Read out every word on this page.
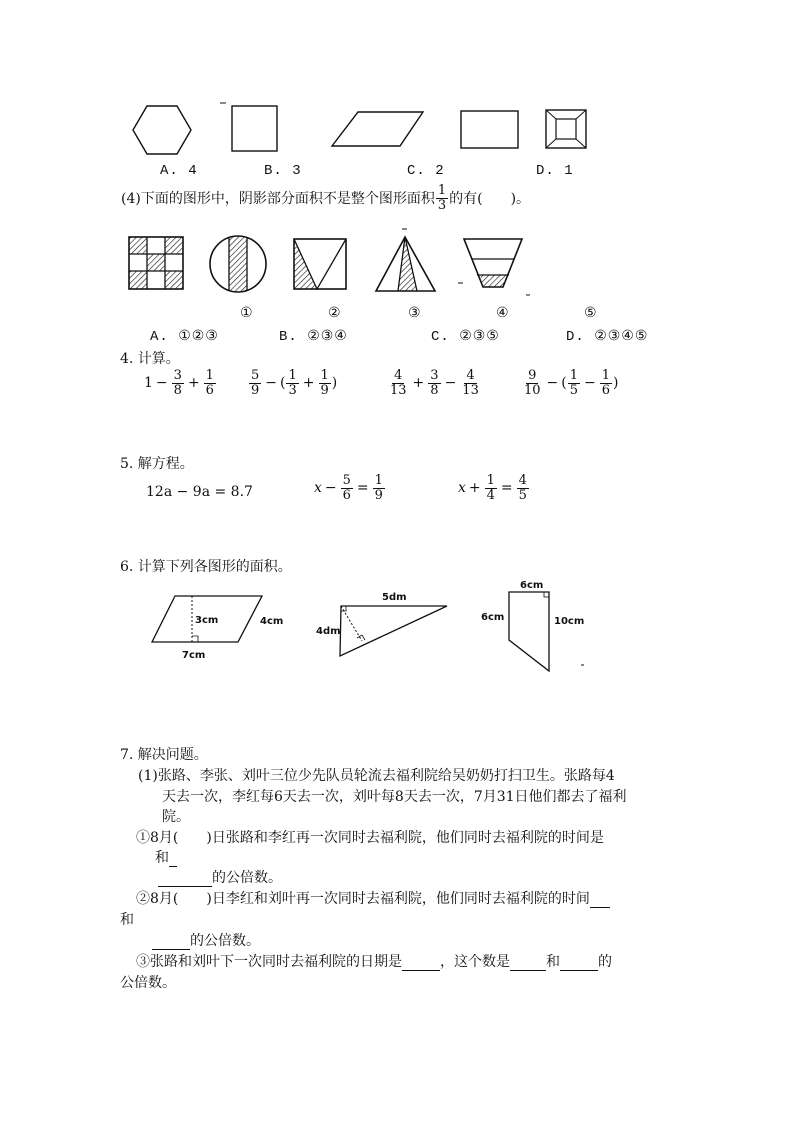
A. 4	B. 3	C. 2	D. 1
(4)下面的图形中，阴影部分面积不是整个图形面积 $\frac{1}{3}$ 的有(　　)。
①	②	③	④	⑤
A. ①②③	B. ②③④	C. ②③⑤	D. ②③④⑤
4. 计算。
$1 - \frac{3}{8} + \frac{1}{6}$	$\frac{5}{9}$ − ( $\frac{1}{3} + \frac{1}{9}$ )	$\frac{4}{13} + \frac{3}{8} - \frac{4}{13}$	$\frac{9}{10}$ − ( $\frac{1}{5} - \frac{1}{6}$ )
5. 解方程。
12a − 9a = 8.7	$x - \frac{5}{6} = \frac{1}{9}$	$x + \frac{1}{4} = \frac{4}{5}$
6. 计算下列各图形的面积。
3cm	4cm
7cm
5dm
4dm
6cm
6cm	10cm
7. 解决问题。
(1)张路、李张、刘叶三位少先队员轮流去福利院给吴奶奶打扫卫生。张路每4
天去一次，李红每6天去一次，刘叶每8天去一次，7月31日他们都去了福利
院。
①8月(　　)日张路和李红再一次同时去福利院，他们同时去福利院的时间是
和
的公倍数。
②8月(　　)日李红和刘叶再一次同时去福利院，他们同时去福利院的时间
和
的公倍数。
③张路和刘叶下一次同时去福利院的日期是	，这个数是	和	的
公倍数。
